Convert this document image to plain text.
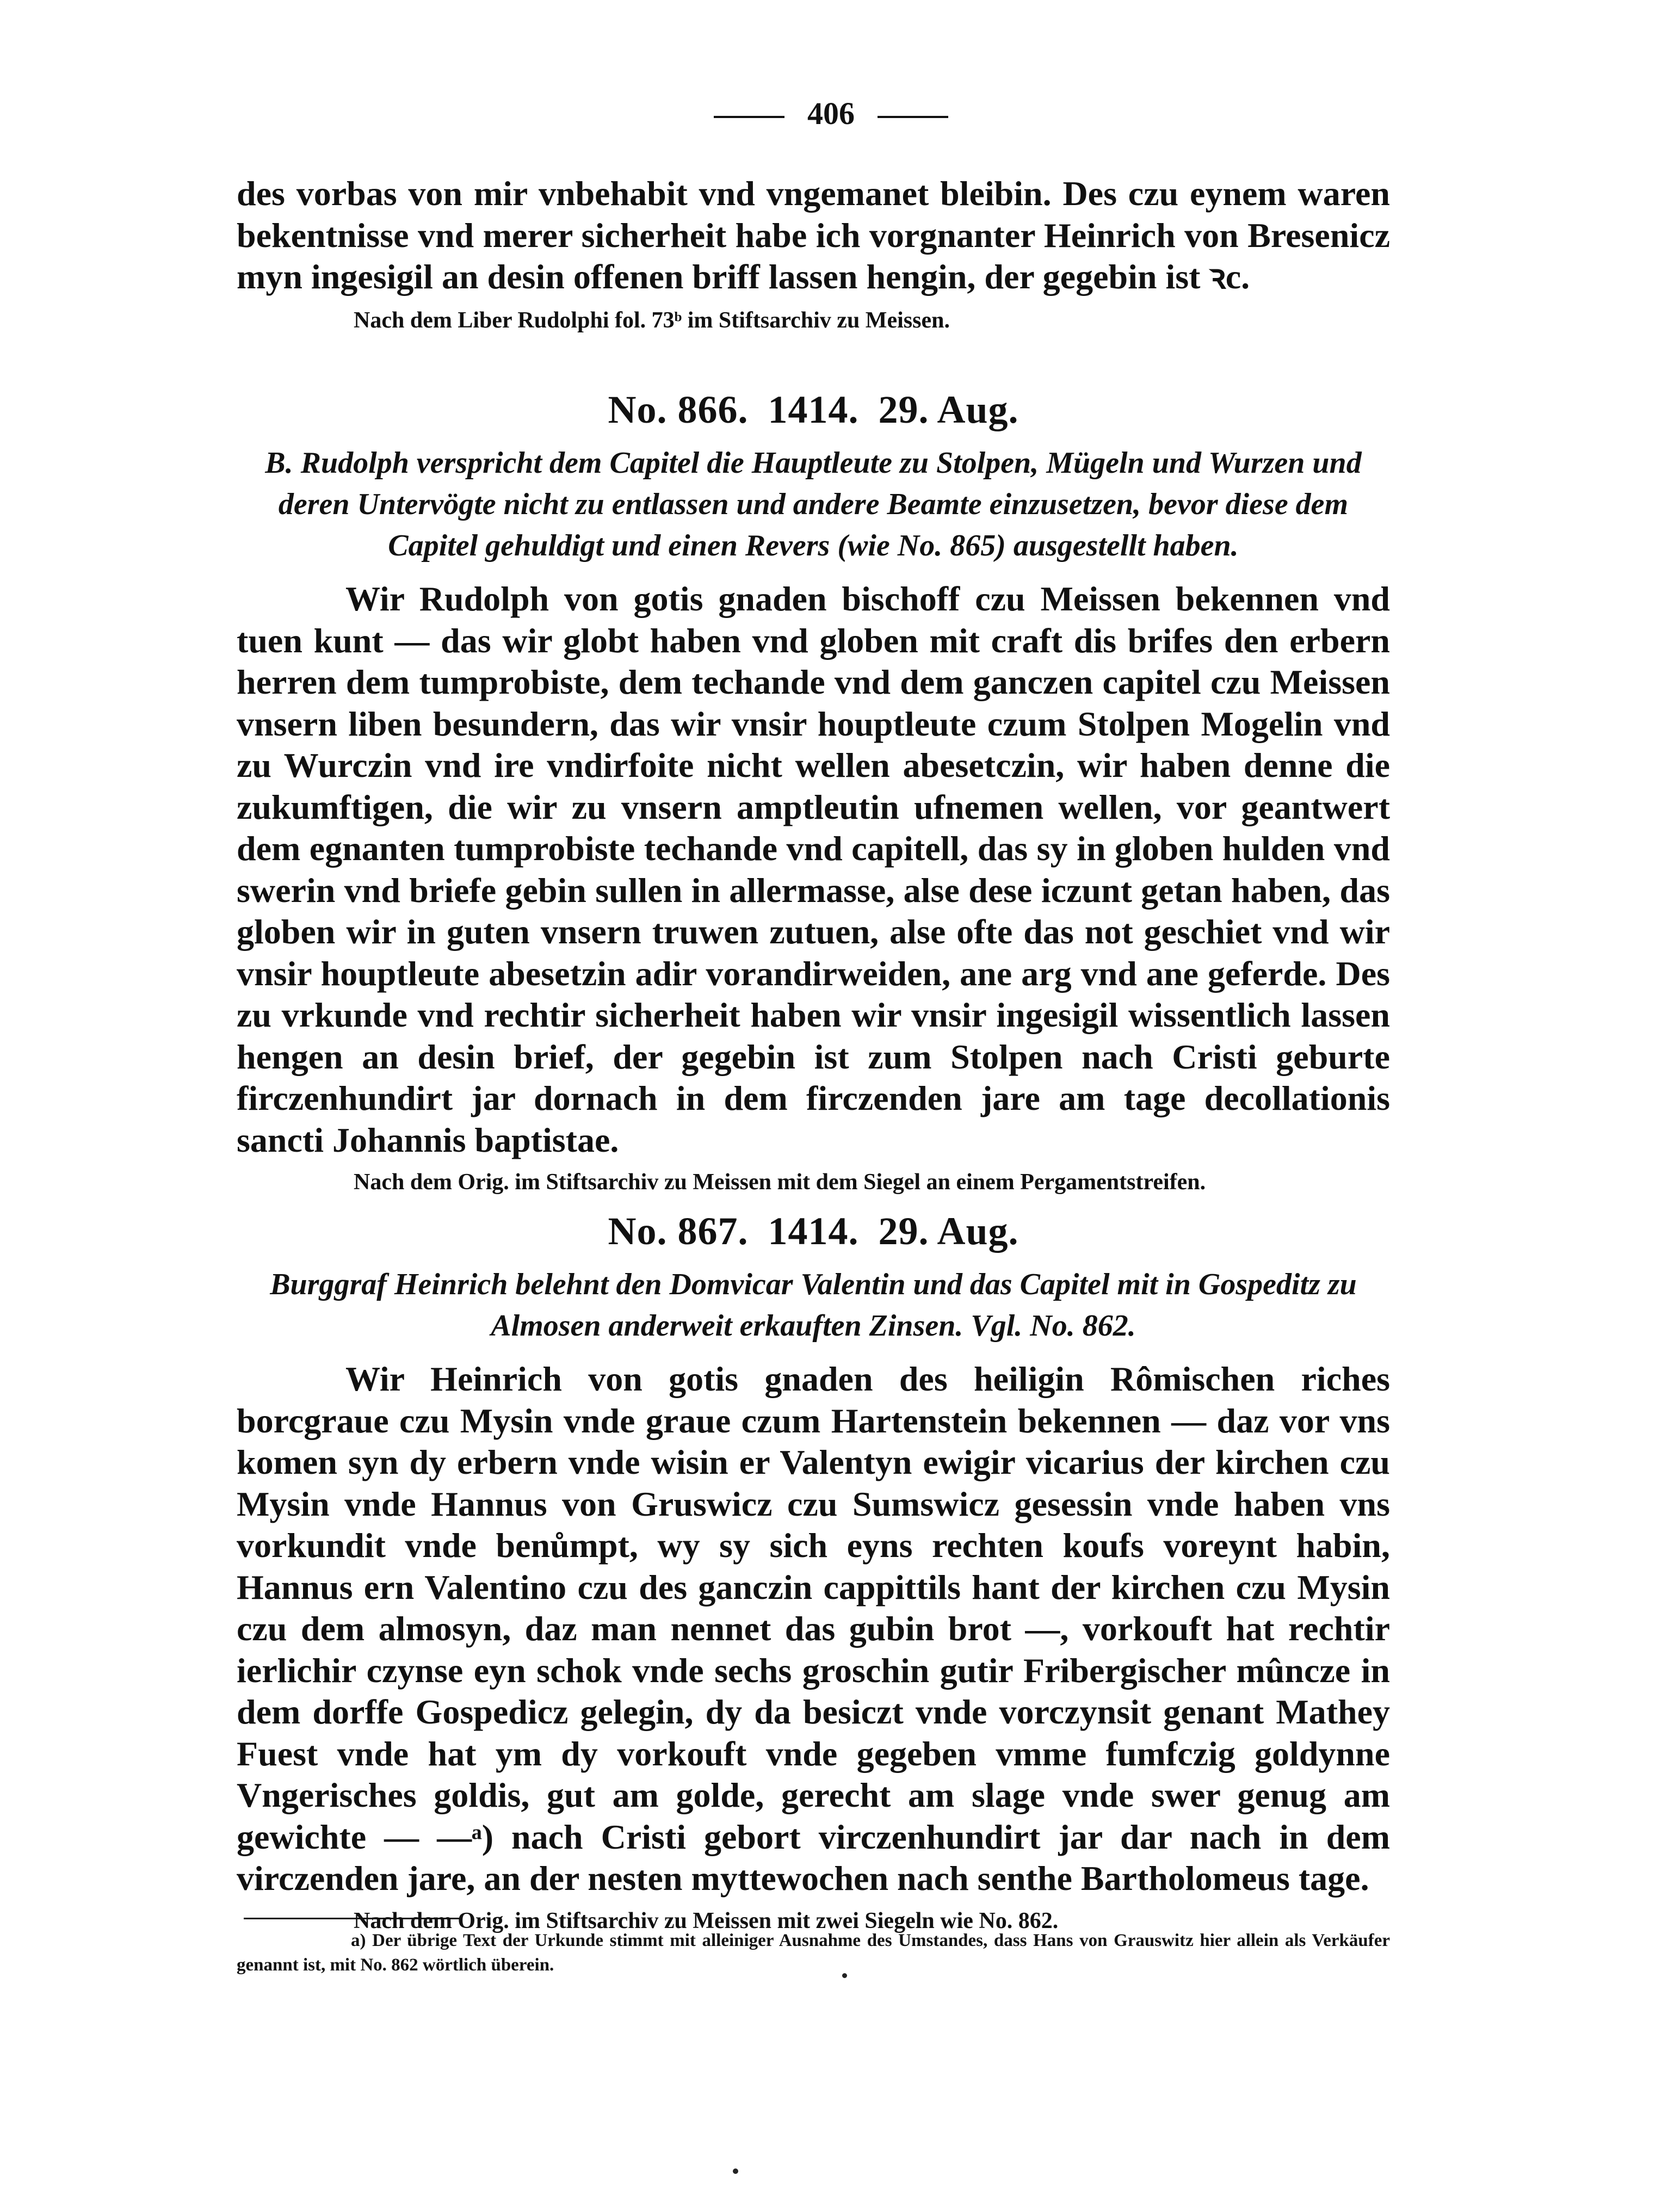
406

des vorbas von mir vnbehabit vnd vngemanet bleibin. Des czu eynem waren bekentnisse vnd merer sicherheit habe ich vorgnanter Heinrich von Bresenicz myn ingesigil an desin offenen briff lassen hengin, der gegebin ist ꝛc.

Nach dem Liber Rudolphi fol. 73ᵇ im Stiftsarchiv zu Meissen.

No. 866. 1414. 29. Aug.

B. Rudolph verspricht dem Capitel die Hauptleute zu Stolpen, Mügeln und Wurzen und deren Untervögte nicht zu entlassen und andere Beamte einzusetzen, bevor diese dem Capitel gehuldigt und einen Revers (wie No. 865) ausgestellt haben.

Wir Rudolph von gotis gnaden bischoff czu Meissen bekennen vnd tuen kunt — das wir globt haben vnd globen mit craft dis brifes den erbern herren dem tumprobiste, dem techande vnd dem ganczen capitel czu Meissen vnsern liben besundern, das wir vnsir houptleute czum Stolpen Mogelin vnd zu Wurczin vnd ire vndirfoite nicht wellen abesetczin, wir haben denne die zukumftigen, die wir zu vnsern amptleutin ufnemen wellen, vor geantwert dem egnanten tumprobiste techande vnd capitell, das sy in globen hulden vnd swerin vnd briefe gebin sullen in allermasse, alse dese iczunt getan haben, das globen wir in guten vnsern truwen zutuen, alse ofte das not geschiet vnd wir vnsir houptleute abesetzin adir vorandirweiden, ane arg vnd ane geferde. Des zu vrkunde vnd rechtir sicherheit haben wir vnsir ingesigil wissentlich lassen hengen an desin brief, der gegebin ist zum Stolpen nach Cristi geburte firczenhundirt jar dornach in dem firczenden jare am tage decollationis sancti Johannis baptistae.

Nach dem Orig. im Stiftsarchiv zu Meissen mit dem Siegel an einem Pergamentstreifen.

No. 867. 1414. 29. Aug.

Burggraf Heinrich belehnt den Domvicar Valentin und das Capitel mit in Gospeditz zu Almosen anderweit erkauften Zinsen. Vgl. No. 862.

Wir Heinrich von gotis gnaden des heiligin Rômischen riches borcgraue czu Mysin vnde graue czum Hartenstein bekennen — daz vor vns komen syn dy erbern vnde wisin er Valentyn ewigir vicarius der kirchen czu Mysin vnde Hannus von Gruswicz czu Sumswicz gesessin vnde haben vns vorkundit vnde benůmpt, wy sy sich eyns rechten koufs voreynt habin, Hannus ern Valentino czu des ganczin cappittils hant der kirchen czu Mysin czu dem almosyn, daz man nennet das gubin brot —, vorkouft hat rechtir ierlichir czynse eyn schok vnde sechs groschin gutir Fribergischer mûncze in dem dorffe Gospedicz gelegin, dy da besiczt vnde vorczynsit genant Mathey Fuest vnde hat ym dy vorkouft vnde gegeben vmme fumfczig goldynne Vngerisches goldis, gut am golde, gerecht am slage vnde swer genug am gewichte — —ᵃ) nach Cristi gebort virczenhundirt jar dar nach in dem virczenden jare, an der nesten myttewochen nach senthe Bartholomeus tage.

Nach dem Orig. im Stiftsarchiv zu Meissen mit zwei Siegeln wie No. 862.

a) Der übrige Text der Urkunde stimmt mit alleiniger Ausnahme des Umstandes, dass Hans von Grauswitz hier allein als Verkäufer genannt ist, mit No. 862 wörtlich überein.
